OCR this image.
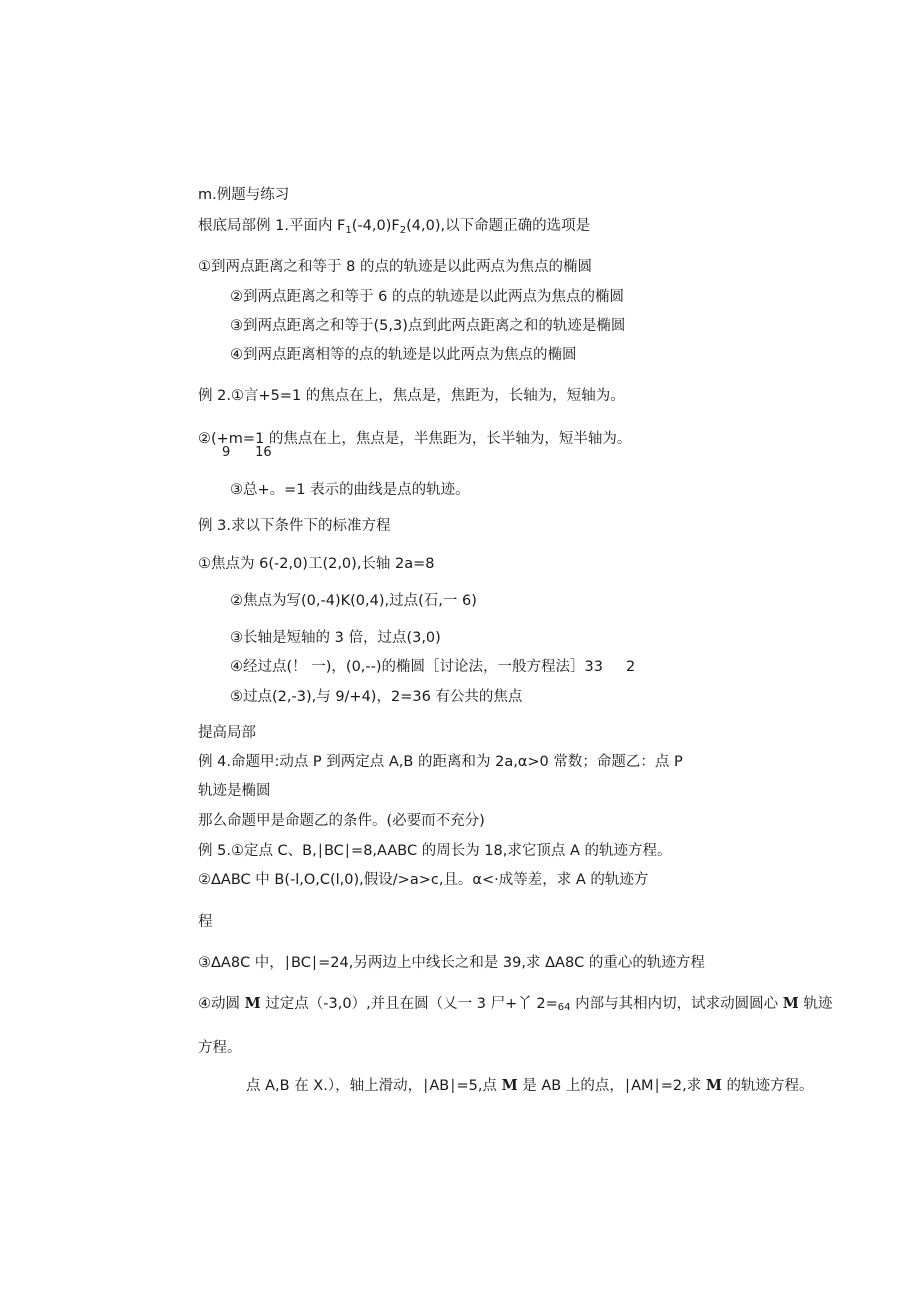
m.例题与练习
根底局部例 1.平面内 $F_1(-4,0)F_2(4,0)$,以下命题正确的选项是
①到两点距离之和等于 8 的点的轨迹是以此两点为焦点的椭圆
②到两点距离之和等于 6 的点的轨迹是以此两点为焦点的椭圆
③到两点距离之和等于(5,3)点到此两点距离之和的轨迹是椭圆
④到两点距离相等的点的轨迹是以此两点为焦点的椭圆
例 2.①言+5=1 的焦点在上，焦点是，焦距为，长轴为，短轴为。
②(+m=1 的焦点在上，焦点是，半焦距为，长半轴为，短半轴为。
9      16
③总+。=1 表示的曲线是点的轨迹。
例 3.求以下条件下的标准方程
①焦点为 6(-2,0)工(2,0),长轴 2a=8
②焦点为写(0,-4)K(0,4),过点(石,一 6)
③长轴是短轴的 3 倍，过点(3,0)
④经过点(！ 一)，(0,--)的椭圆［讨论法，一般方程法］33     2
⑤过点(2,-3),与 9/+4)，2=36 有公共的焦点
提高局部
例 4.命题甲:动点 P 到两定点 A,B 的距离和为 2a,α>0 常数；命题乙：点 P
轨迹是椭圆
那么命题甲是命题乙的条件。(必要而不充分)
例 5.①定点 C、B,∣BC∣=8,AABC 的周长为 18,求它顶点 A 的轨迹方程。
②ΔABC 中 B(-l,O,C(l,0),假设/>a>c,且。α<·成等差，求 A 的轨迹方
程
③ΔA8C 中，∣BC∣=24,另两边上中线长之和是 39,求 ΔA8C 的重心的轨迹方程
④动圆 M 过定点（-3,0）,并且在圆（乂一 3 尸+丫 2=64 内部与其相内切，试求动圆圆心 M 轨迹
方程。
点 A,B 在 X.），轴上滑动，∣AB∣=5,点 M 是 AB 上的点，∣AM∣=2,求 M 的轨迹方程。
